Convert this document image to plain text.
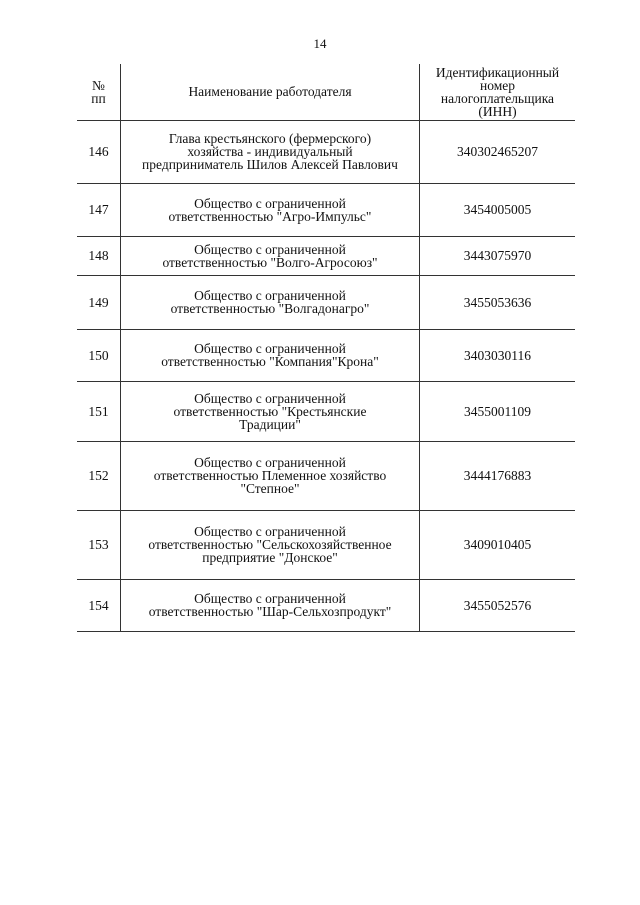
14
№
пп	Наименование работодателя	Идентификационный
номер
налогоплательщика
(ИНН)

146	Глава крестьянского (фермерского)
хозяйства - индивидуальный
предприниматель Шилов Алексей Павлович	340302465207
147	Общество с ограниченной
ответственностью "Агро-Импульс"	3454005005
148	Общество с ограниченной
ответственностью "Волго-Агросоюз"	3443075970
149	Общество с ограниченной
ответственностью "Волгадонагро"	3455053636
150	Общество с ограниченной
ответственностью "Компания"Крона"	3403030116
151	Общество с ограниченной
ответственностью "Крестьянские
Традиции"	3455001109
152	Общество с ограниченной
ответственностью Племенное хозяйство
"Степное"	3444176883
153	Общество с ограниченной
ответственностью "Сельскохозяйственное
предприятие "Донское"	3409010405
154	Общество с ограниченной
ответственностью "Шар-Сельхозпродукт"	3455052576
